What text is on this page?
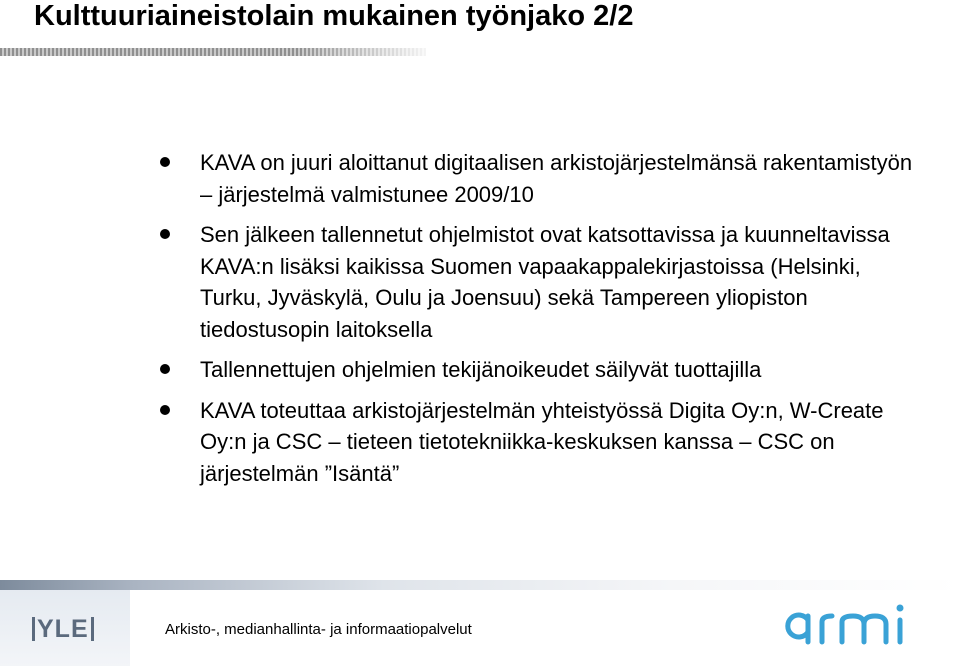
Kulttuuriaineistolain mukainen työnjako 2/2
KAVA on juuri aloittanut digitaalisen arkistojärjestelmänsä rakentamistyön – järjestelmä valmistunee 2009/10
Sen jälkeen tallennetut ohjelmistot ovat katsottavissa ja kuunneltavissa KAVA:n lisäksi kaikissa Suomen vapaakappalekirjastoissa (Helsinki, Turku, Jyväskylä, Oulu ja Joensuu) sekä Tampereen yliopiston tiedostusopin laitoksella
Tallennettujen ohjelmien tekijänoikeudet säilyvät tuottajilla
KAVA toteuttaa arkistojärjestelmän yhteistyössä Digita Oy:n, W-Create Oy:n ja CSC – tieteen tietotekniikka-keskuksen kanssa – CSC on järjestelmän ”Isäntä”
YLE	Arkisto-, medianhallinta- ja informaatiopalvelut
